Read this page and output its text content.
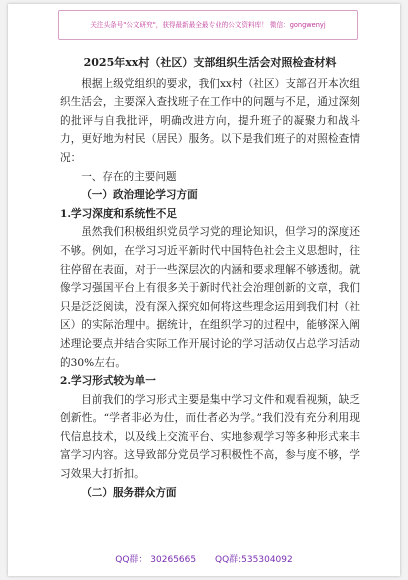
关注头条号"公文研究"，获得最新最全最专业的公文资料库！ 微信：gongwenyj

2025年xx村（社区）支部组织生活会对照检查材料

根据上级党组织的要求，我们xx村（社区）支部召开本次组织生活会，主要深入查找班子在工作中的问题与不足，通过深刻的批评与自我批评，明确改进方向，提升班子的凝聚力和战斗力，更好地为村民（居民）服务。以下是我们班子的对照检查情况：

一、存在的主要问题

（一）政治理论学习方面

1.学习深度和系统性不足

虽然我们积极组织党员学习党的理论知识，但学习的深度还不够。例如，在学习习近平新时代中国特色社会主义思想时，往往停留在表面，对于一些深层次的内涵和要求理解不够透彻。就像学习强国平台上有很多关于新时代社会治理创新的文章，我们只是泛泛阅读，没有深入探究如何将这些理念运用到我们村（社区）的实际治理中。据统计，在组织学习的过程中，能够深入阐述理论要点并结合实际工作开展讨论的学习活动仅占总学习活动的30%左右。

2.学习形式较为单一

目前我们的学习形式主要是集中学习文件和观看视频，缺乏创新性。“学者非必为仕，而仕者必为学。”我们没有充分利用现代信息技术，以及线上交流平台、实地参观学习等多种形式来丰富学习内容。这导致部分党员学习积极性不高，参与度不够，学习效果大打折扣。

（二）服务群众方面

QQ群： 30265665 QQ群:535304092
